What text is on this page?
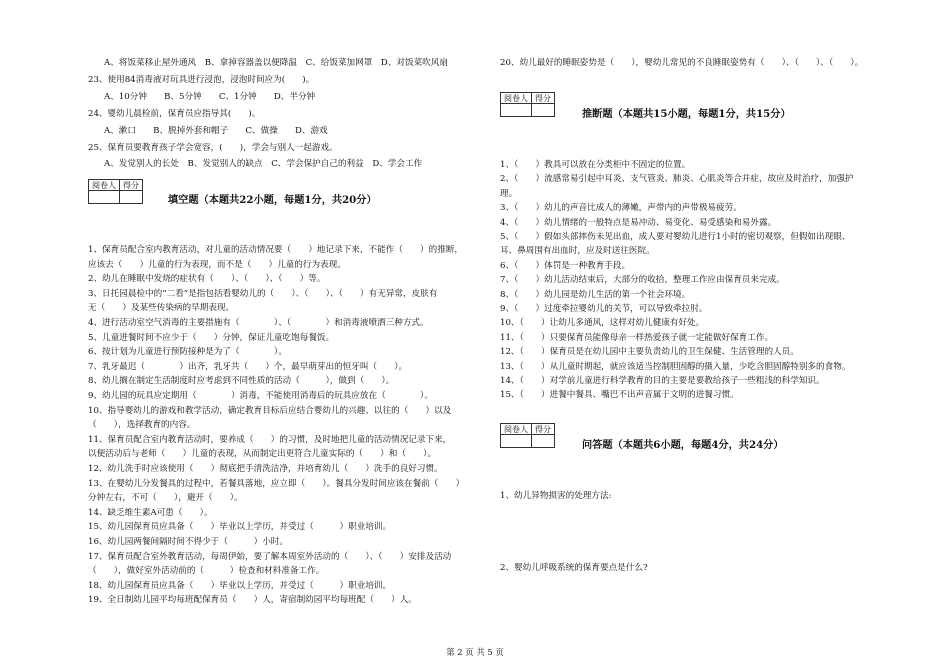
A、将饭菜移止屋外通风　B、拿掉容器盖以便降温　C、给饭菜加网罩　D、对饭菜吹风扇
23、使用84消毒液对玩具进行浸泡，浸泡时间应为(　　)。
A、10分钟　　B、5分钟　　C、1分钟　　D、半分钟
24、婴幼儿晨检前，保育员应指导其(　　)。
A、漱口　　B、脱掉外套和帽子　　C、做操　　D、游戏
25、保育员要教育孩子学会宽容，(　　)，学会与别人一起游戏。
A、发觉别人的长处　B、发觉别人的缺点　C、学会保护自己的利益　D、学会工作
阅卷人	得分

填空题（本题共22小题，每题1分，共20分）
1、保育员配合室内教育活动，对儿童的活动情况要（　　）地记录下来，不能作（　　）的推断，
应该去（　　）儿童的行为表现，而不是（　　）儿童的行为表现。
2、幼儿在睡眠中发烧的症状有（　　）、（　　）、（　　）等。
3、日托园晨检中的“二看”是指包括看婴幼儿的（　　）、（　　）、（　　）有无异常，皮肤有
无（　　）及某些传染病的早期表现。
4、进行活动室空气消毒的主要措施有（　　　　）、（　　　　）和消毒液喷洒三种方式。
5、儿童进餐时间不应少于（　　）分钟，保证儿童吃饱每餐饭。
6、按计划为儿童进行预防接种是为了（　　　　）。
7、乳牙最迟（　　　　）出齐，乳牙共（　　）个，最早萌芽出的恒牙叫（　　）。
8、幼儿搁在制定生活制度时应考虑到不同性质的活动（　　　），做到（　　）。
9、幼儿园的玩具应定期用（　　　　）消毒，不能使用消毒后的玩具应放在（　　　　）。
10、指导婴幼儿的游戏和教学活动，确定教育目标后应结合婴幼儿的兴趣、以往的（　　）以及
（　　），选择教育的内容。
11、保育员配合室内教育活动时，要养成（　　）的习惯，及时地把儿童的活动情况记录下来，
以便活动后与老师（　　）儿童的表现，从而制定出更符合儿童实际的（　　）和（　　）。
12、幼儿洗手时应该使用（　　）彻底把手清洗洁净，并培育幼儿（　　）洗手的良好习惯。
13、在婴幼儿分发餐具的过程中，若餐具落地，应立即（　　）。餐具分发时间应该在餐前（　　）
分钟左右，不可（　　），避开（　　）。
14、缺乏维生素A可患（　　）。
15、幼儿园保育员应具备（　　）毕业以上学历，并受过（　　　）职业培训。
16、幼儿园两餐间隔时间不得少于（　　　）小时。
17、保育员配合室外教育活动，每周伊始，要了解本周室外活动的（　　）、（　　）安排及活动
（　　），做好室外活动前的（　　　）检查和材料准备工作。
18、幼儿园保育员应具备（　　）毕业以上学历，并受过（　　　）职业培训。
19、全日制幼儿园平均每班配保育员（　　）人，寄宿制幼园平均每班配（　　）人。
20、幼儿最好的睡眠姿势是（　　），婴幼儿常见的不良睡眠姿势有（　　）、（　　）、（　　）。
阅卷人	得分

推断题（本题共15小题，每题1分，共15分）
1、（　　）教具可以放在分类柜中不固定的位置。
2、（　　）流感常易引起中耳炎、支气管炎、肺炎、心肌炎等合并症，故应及时治疗，加强护
理。
3、（　　）幼儿的声音比成人的薄嫩，声带内的声带极易疲劳。
4、（　　）幼儿情绪的一般特点是易冲动、易变化、易受感染和易外露。
5、（　　）假如头部摔伤未见出血，成人要对婴幼儿进行1小时的密切观察，但假如出现眼、
耳、鼻周围有出血时，应及时送往医院。
6、（　　）体罚是一种教育手段。
7、（　　）幼儿活动结束后，大部分的收拾，整理工作应由保育员来完成。
8、（　　）幼儿园是幼儿生活的第一个社会环境。
9、（　　）过度牵拉婴幼儿的关节，可以导致牵拉肘。
10、（　　）让幼儿多通风，这样对幼儿健康有好处。
11、（　　）只要保育员能像母亲一样热爱孩子就一定能做好保育工作。
12、（　　）保育员是在幼儿园中主要负责幼儿的卫生保健、生活管理的人员。
13、（　　）从儿童时期起，就应该适当控制胆固醇的摄入量，少吃含胆固醇特别多的食物。
14、（　　）对学前儿童进行科学教育的目的主要是要教给孩子一些粗浅的科学知识。
15、（　　）进餐中餐具、嘴巴不出声音属于文明的进餐习惯。
阅卷人	得分

问答题（本题共6小题，每题4分，共24分）
1、幼儿异物损害的处理方法:
2、婴幼儿呼吸系统的保育要点是什么?
第 2 页 共 5 页
